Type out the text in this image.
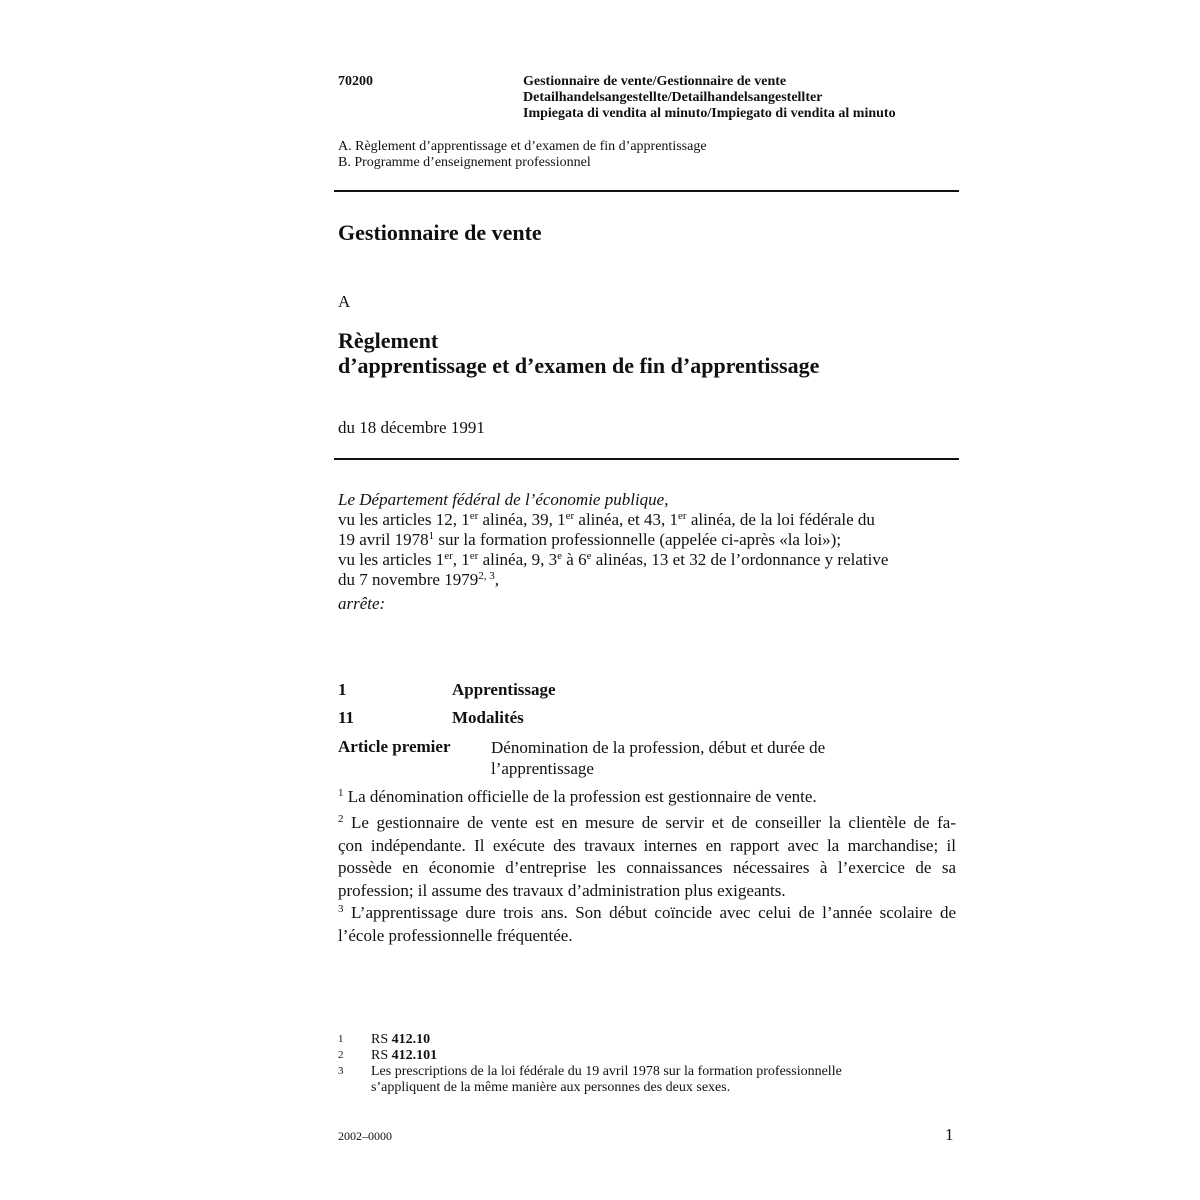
70200	Gestionnaire de vente/Gestionnaire de vente
Detailhandelsangestellte/Detailhandelsangestellter
Impiegata di vendita al minuto/Impiegato di vendita al minuto
A. Règlement d’apprentissage et d’examen de fin d’apprentissage
B. Programme d’enseignement professionnel
Gestionnaire de vente
A
Règlement
d’apprentissage et d’examen de fin d’apprentissage
du 18 décembre 1991
Le Département fédéral de l’économie publique,
vu les articles 12, 1er alinéa, 39, 1er alinéa, et 43, 1er alinéa, de la loi fédérale du
19 avril 1978$^1$ sur la formation professionnelle (appelée ci-après «la loi»);
vu les articles 1er, 1er alinéa, 9, 3e à 6e alinéas, 13 et 32 de l’ordonnance y relative
du 7 novembre 1979$^{2, 3}$,
arrête:
1	Apprentissage
11	Modalités
Article premier Dénomination de la profession, début et durée de l’apprentissage
$^1$ La dénomination officielle de la profession est gestionnaire de vente.
$^2$ Le gestionnaire de vente est en mesure de servir et de conseiller la clientèle de fa-
çon indépendante. Il exécute des travaux internes en rapport avec la marchandise; il
possède en économie d’entreprise les connaissances nécessaires à l’exercice de sa
profession; il assume des travaux d’administration plus exigeants.
$^3$ L’apprentissage dure trois ans. Son début coïncide avec celui de l’année scolaire de
l’école professionnelle fréquentée.
1 RS 412.10
2 RS 412.101
3 Les prescriptions de la loi fédérale du 19 avril 1978 sur la formation professionnelle
s’appliquent de la même manière aux personnes des deux sexes.
2002–0000	1
